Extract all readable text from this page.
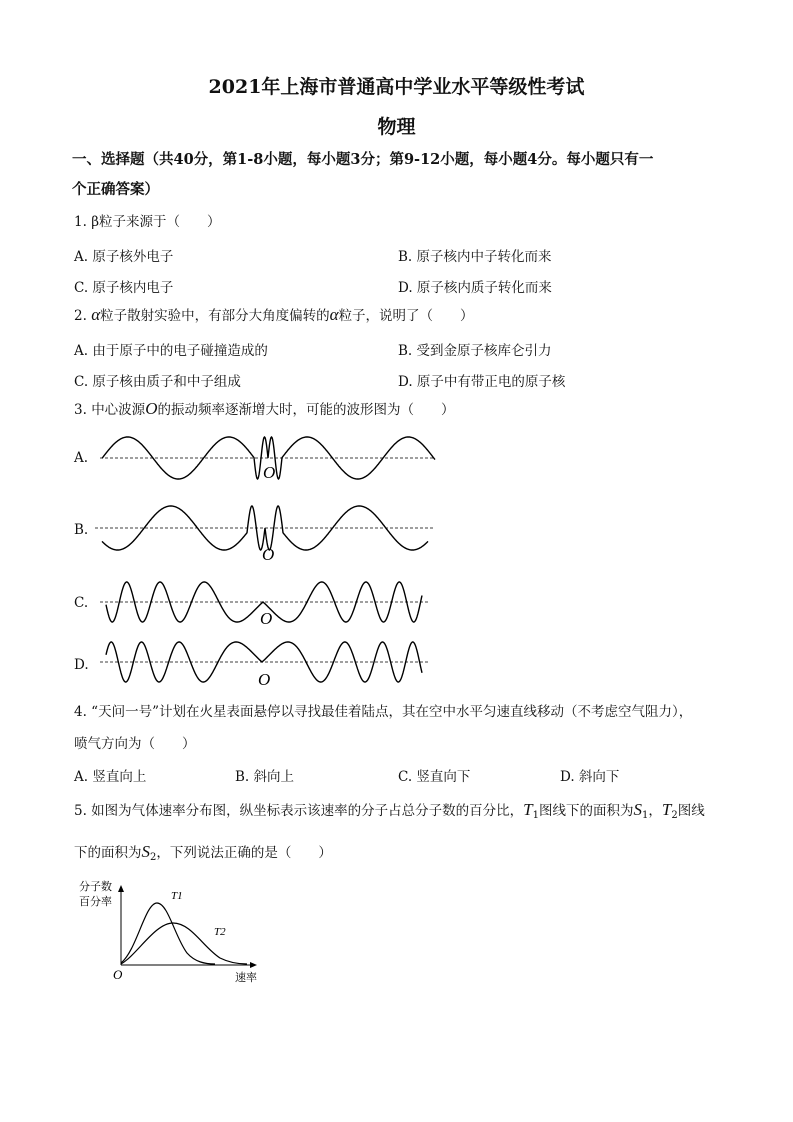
2021年上海市普通高中学业水平等级性考试
物理
一、选择题（共40分，第1-8小题，每小题3分；第9-12小题，每小题4分。每小题只有一
个正确答案）
1. β粒子来源于（　　）
A. 原子核外电子	B. 原子核内中子转化而来
C. 原子核内电子	D. 原子核内质子转化而来
2. α粒子散射实验中，有部分大角度偏转的α粒子，说明了（　　）
A. 由于原子中的电子碰撞造成的	B. 受到金原子核库仑引力
C. 原子核由质子和中子组成	D. 原子中有带正电的原子核
3. 中心波源O的振动频率逐渐增大时，可能的波形图为（　　）
A.
B.
C.
D.
O
O
O
O
4. “天问一号”计划在火星表面悬停以寻找最佳着陆点，其在空中水平匀速直线移动（不考虑空气阻力），
喷气方向为（　　）
A. 竖直向上	B. 斜向上	C. 竖直向下	D. 斜向下
5. 如图为气体速率分布图，纵坐标表示该速率的分子占总分子数的百分比，$T_1$图线下的面积为$S_1$，$T_2$图线
下的面积为$S_2$，下列说法正确的是（　　）
分子数
百分率	T1
T2
O	速率
